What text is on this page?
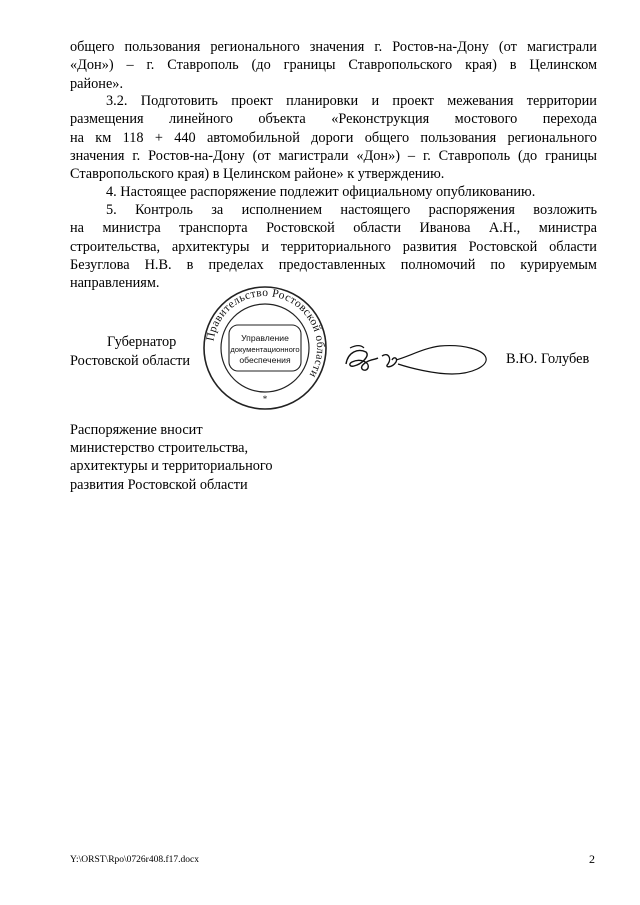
общего пользования регионального значения г. Ростов-на-Дону (от магистрали
«Дон») – г. Ставрополь (до границы Ставропольского края) в Целинском
районе».
3.2. Подготовить проект планировки и проект межевания территории
размещения линейного объекта «Реконструкция мостового перехода
на км 118 + 440 автомобильной дороги общего пользования регионального
значения г. Ростов-на-Дону (от магистрали «Дон») – г. Ставрополь (до границы
Ставропольского края) в Целинском районе» к утверждению.
4. Настоящее распоряжение подлежит официальному опубликованию.
5. Контроль за исполнением настоящего распоряжения возложить
на министра транспорта Ростовской области Иванова А.Н., министра
строительства, архитектуры и территориального развития Ростовской области
Безуглова Н.В. в пределах предоставленных полномочий по курируемым
направлениям.
Губернатор
Ростовской области
Правительство Ростовской области
Управление
документационного
обеспечения
*
В.Ю. Голубев
Распоряжение вносит
министерство строительства,
архитектуры и территориального
развития Ростовской области
Y:\ORST\Rpo\0726r408.f17.docx	2
